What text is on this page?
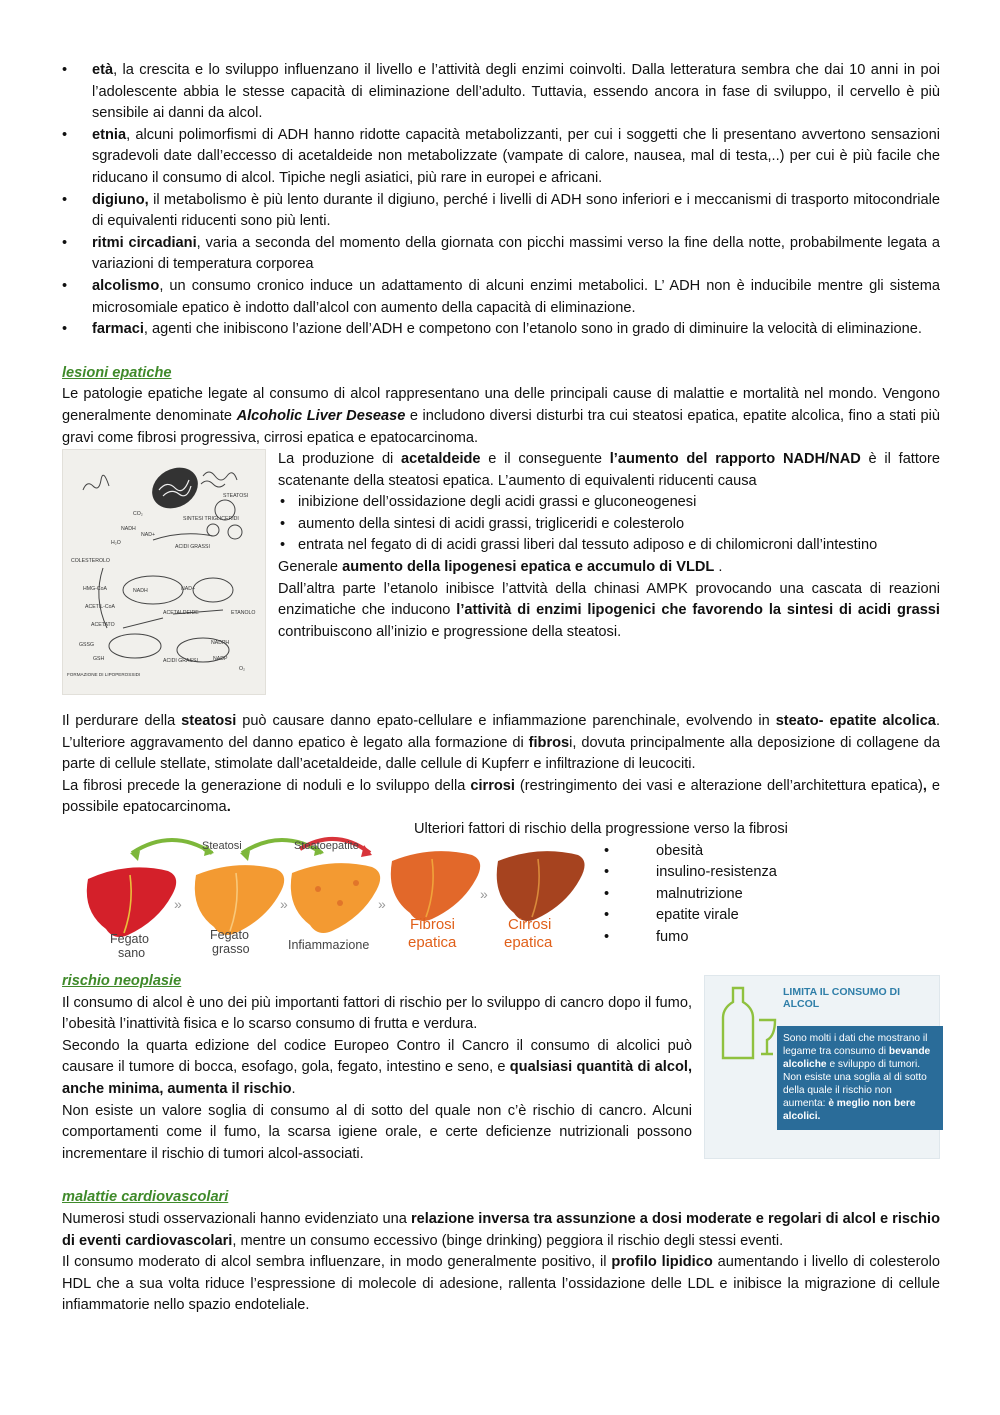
• età, la crescita e lo sviluppo influenzano il livello e l’attività degli enzimi coinvolti. Dalla letteratura sembra che dai 10 anni in poi l’adolescente abbia le stesse capacità di eliminazione dell’adulto. Tuttavia, essendo ancora in fase di sviluppo, il cervello è più sensibile ai danni da alcol.
• etnia, alcuni polimorfismi di ADH hanno ridotte capacità metabolizzanti, per cui i soggetti che li presentano avvertono sensazioni sgradevoli date dall’eccesso di acetaldeide non metabolizzate (vampate di calore, nausea, mal di testa,..) per cui è più facile che riducano il consumo di alcol. Tipiche negli asiatici, più rare in europei e africani.
• digiuno, il metabolismo è più lento durante il digiuno, perché i livelli di ADH sono inferiori e i meccanismi di trasporto mitocondriale di equivalenti riducenti sono più lenti.
• ritmi circadiani, varia a seconda del momento della giornata con picchi massimi verso la fine della notte, probabilmente legata a variazioni di temperatura corporea
• alcolismo, un consumo cronico induce un adattamento di alcuni enzimi metabolici. L’ ADH non è inducibile mentre gli sistema microsomiale epatico è indotto dall’alcol con aumento della capacità di eliminazione.
• farmaci, agenti che inibiscono l’azione dell’ADH e competono con l’etanolo sono in grado di diminuire la velocità di eliminazione.
lesioni epatiche

Le patologie epatiche legate al consumo di alcol rappresentano una delle principali cause di malattie e mortalità nel mondo. Vengono generalmente denominate Alcoholic Liver Desease e includono diversi disturbi tra cui steatosi epatica, epatite alcolica, fino a stati più gravi come fibrosi progressiva, cirrosi epatica e epatocarcinoma.

STEATOSI
SINTESI TRIGLICERIDI
CO₂
NADH
NAD+
H₂O
ACIDI GRASSI
COLESTEROLO
HMG-CoA
ACETIL-CoA
ACETATO
ACETALDEIDE	ETANOLO
NADH	NAD+
GSSG
GSH
NADPH
NADP
ACIDI GRASSI
O₂
FORMAZIONE DI LIPOPEROSSIDI

La produzione di acetaldeide e il conseguente l’aumento del rapporto NADH/NAD è il fattore scatenante della steatosi epatica. L’aumento di equivalenti riducenti causa

• inibizione dell’ossidazione degli acidi grassi e gluconeogenesi
• aumento della sintesi di acidi grassi, trigliceridi e colesterolo
• entrata nel fegato di di acidi grassi liberi dal tessuto adiposo e di chilomicroni dall’intestino

Generale aumento della lipogenesi epatica e accumulo di VLDL .

Dall’altra parte l’etanolo inibisce l’attvità della chinasi AMPK provocando una cascata di reazioni enzimatiche che inducono l’attività di enzimi lipogenici che favorendo la sintesi di acidi grassi contribuiscono all’inizio e progressione della steatosi.

Il perdurare della steatosi può causare danno epato-cellulare e infiammazione parenchinale, evolvendo in steato- epatite alcolica. L’ulteriore aggravamento del danno epatico è legato alla formazione di fibrosi, dovuta principalmente alla deposizione di collagene da parte di cellule stellate, stimolate dall’acetaldeide, dalle cellule di Kupferr e infiltrazione di leucociti.

La fibrosi precede la generazione di noduli e lo sviluppo della cirrosi (restringimento dei vasi e alterazione dell’architettura epatica), e possibile epatocarcinoma.

Steatosi	Steatoepatite
»	»	»
»
Fegato
sano
Fegato
grasso	Infiammazione
Fibrosi
epatica
Cirrosi
epatica
Ulteriori fattori di rischio della progressione verso la fibrosi
• obesità
• insulino-resistenza
• malnutrizione
• epatite virale
• fumo
rischio neoplasie

Il consumo di alcol è uno dei più importanti fattori di rischio per lo sviluppo di cancro dopo il fumo, l’obesità l’inattività fisica e lo scarso consumo di frutta e verdura.

Secondo la quarta edizione del codice Europeo Contro il Cancro il consumo di alcolici può causare il tumore di bocca, esofago, gola, fegato, intestino e seno, e qualsiasi quantità di alcol, anche minima, aumenta il rischio.

Non esiste un valore soglia di consumo al di sotto del quale non c’è rischio di cancro. Alcuni comportamenti come il fumo, la scarsa igiene orale, e certe deficienze nutrizionali possono incrementare il rischio di tumori alcol-associati.

LIMITA IL CONSUMO DI
ALCOL
Sono molti i dati che mostrano il legame tra consumo di bevande alcoliche e sviluppo di tumori. Non esiste una soglia al di sotto della quale il rischio non aumenta: è meglio non bere alcolici.
malattie cardiovascolari

Numerosi studi osservazionali hanno evidenziato una relazione inversa tra assunzione a dosi moderate e regolari di alcol e rischio di eventi cardiovascolari, mentre un consumo eccessivo (binge drinking) peggiora il rischio degli stessi eventi.

Il consumo moderato di alcol sembra influenzare, in modo generalmente positivo, il profilo lipidico aumentando i livello di colesterolo HDL che a sua volta riduce l’espressione di molecole di adesione, rallenta l’ossidazione delle LDL e inibisce la migrazione di cellule infiammatorie nello spazio endoteliale.
